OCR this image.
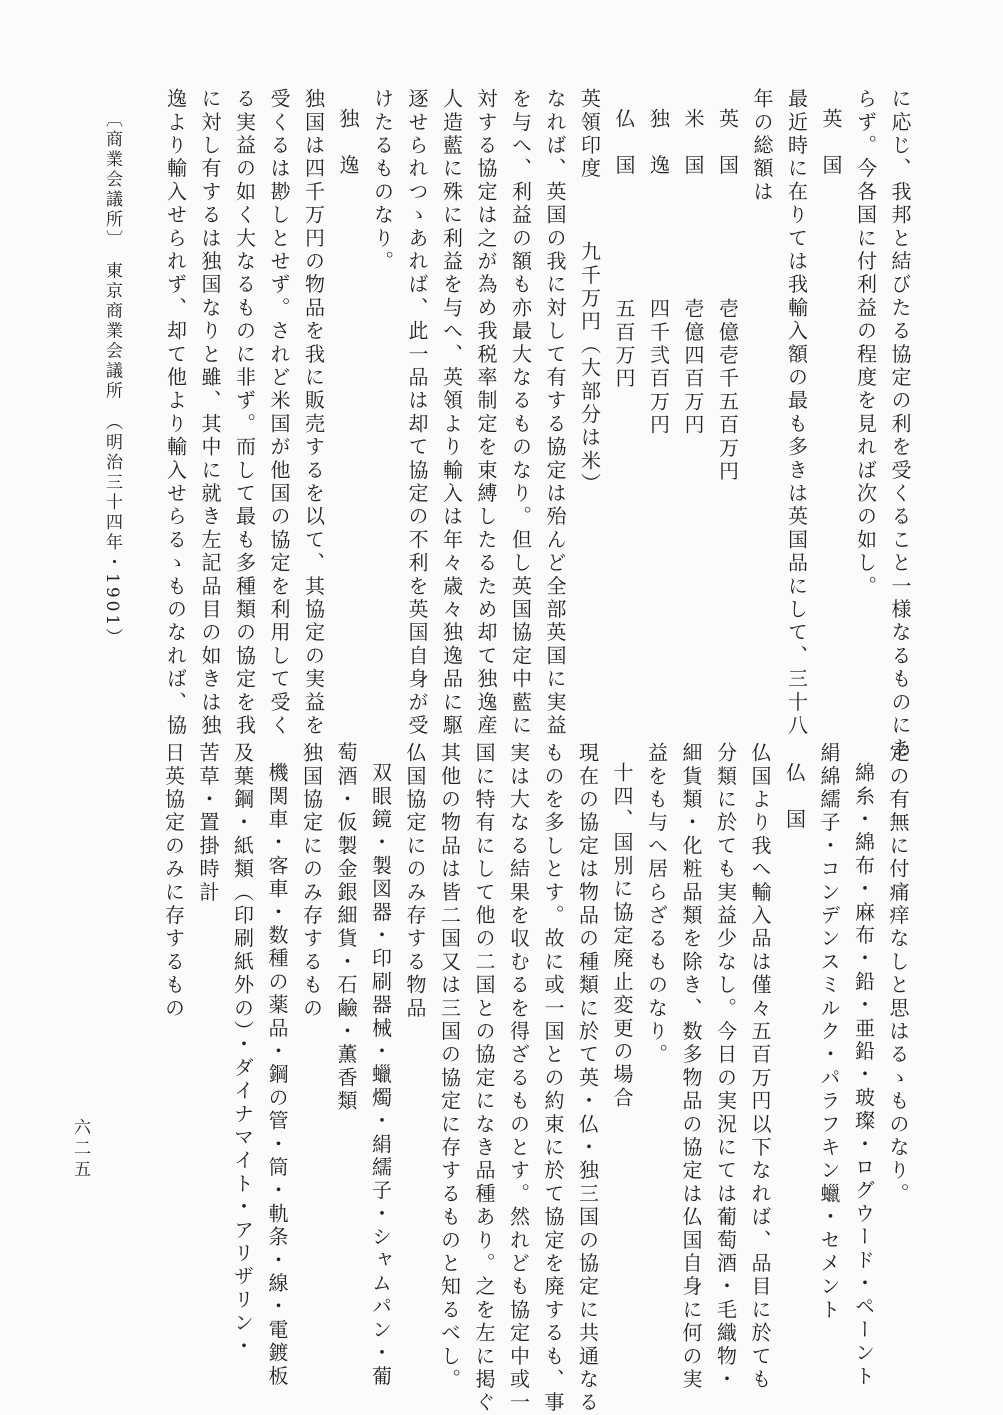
に応じ、我邦と結びたる協定の利を受くること一様なるものにあ
らず。今各国に付利益の程度を見れば次の如し。
英　国
最近時に在りては我輸入額の最も多きは英国品にして、三十八
年の総額は
英　国壱億壱千五百万円
米　国壱億四百万円
独　逸四千弐百万円
仏　国五百万円
英領印度九千万円（大部分は米）
なれば、英国の我に対して有する協定は殆んど全部英国に実益
を与へ、利益の額も亦最大なるものなり。但し英国協定中藍に
対する協定は之が為め我税率制定を束縛したるため却て独逸産
人造藍に殊に利益を与へ、英領より輸入は年々歳々独逸品に駆
逐せられつゝあれば、此一品は却て協定の不利を英国自身が受
けたるものなり。
独　逸
独国は四千万円の物品を我に販売するを以て、其協定の実益を
受くるは尠しとせず。されど米国が他国の協定を利用して受く
る実益の如く大なるものに非ず。而して最も多種類の協定を我
に対し有するは独国なりと雖、其中に就き左記品目の如きは独
逸より輸入せられず、却て他より輸入せらるゝものなれば、協
定の有無に付痛痒なしと思はるゝものなり。
綿糸・綿布・麻布・鉛・亜鉛・玻璨・ログウード・ペーント
絹綿繻子・コンデンスミルク・パラフキン蠟・セメント
仏　国
仏国より我へ輸入品は僅々五百万円以下なれば、品目に於ても
分類に於ても実益少なし。今日の実況にては葡萄酒・毛織物・
細貨類・化粧品類を除き、数多物品の協定は仏国自身に何の実
益をも与へ居らざるものなり。
十四、国別に協定廃止変更の場合
現在の協定は物品の種類に於て英・仏・独三国の協定に共通なる
ものを多しとす。故に或一国との約束に於て協定を廃するも、事
実は大なる結果を収むるを得ざるものとす。然れども協定中或一
国に特有にして他の二国との協定になき品種あり。之を左に掲ぐ
其他の物品は皆二国又は三国の協定に存するものと知るべし。
仏国協定にのみ存する物品
双眼鏡・製図器・印刷器械・蠟燭・絹繻子・シャムパン・葡
萄酒・仮製金銀細貨・石鹼・薫香類
独国協定にのみ存するもの
機関車・客車・数種の薬品・鋼の管・筒・軌条・線・電鍍板
及葉鋼・紙類（印刷紙外の）・ダイナマイト・アリザリン・
苦草・置掛時計
日英協定のみに存するもの
〔商業会議所〕　東京商業会議所　（明治三十四年・1901）
六二五
